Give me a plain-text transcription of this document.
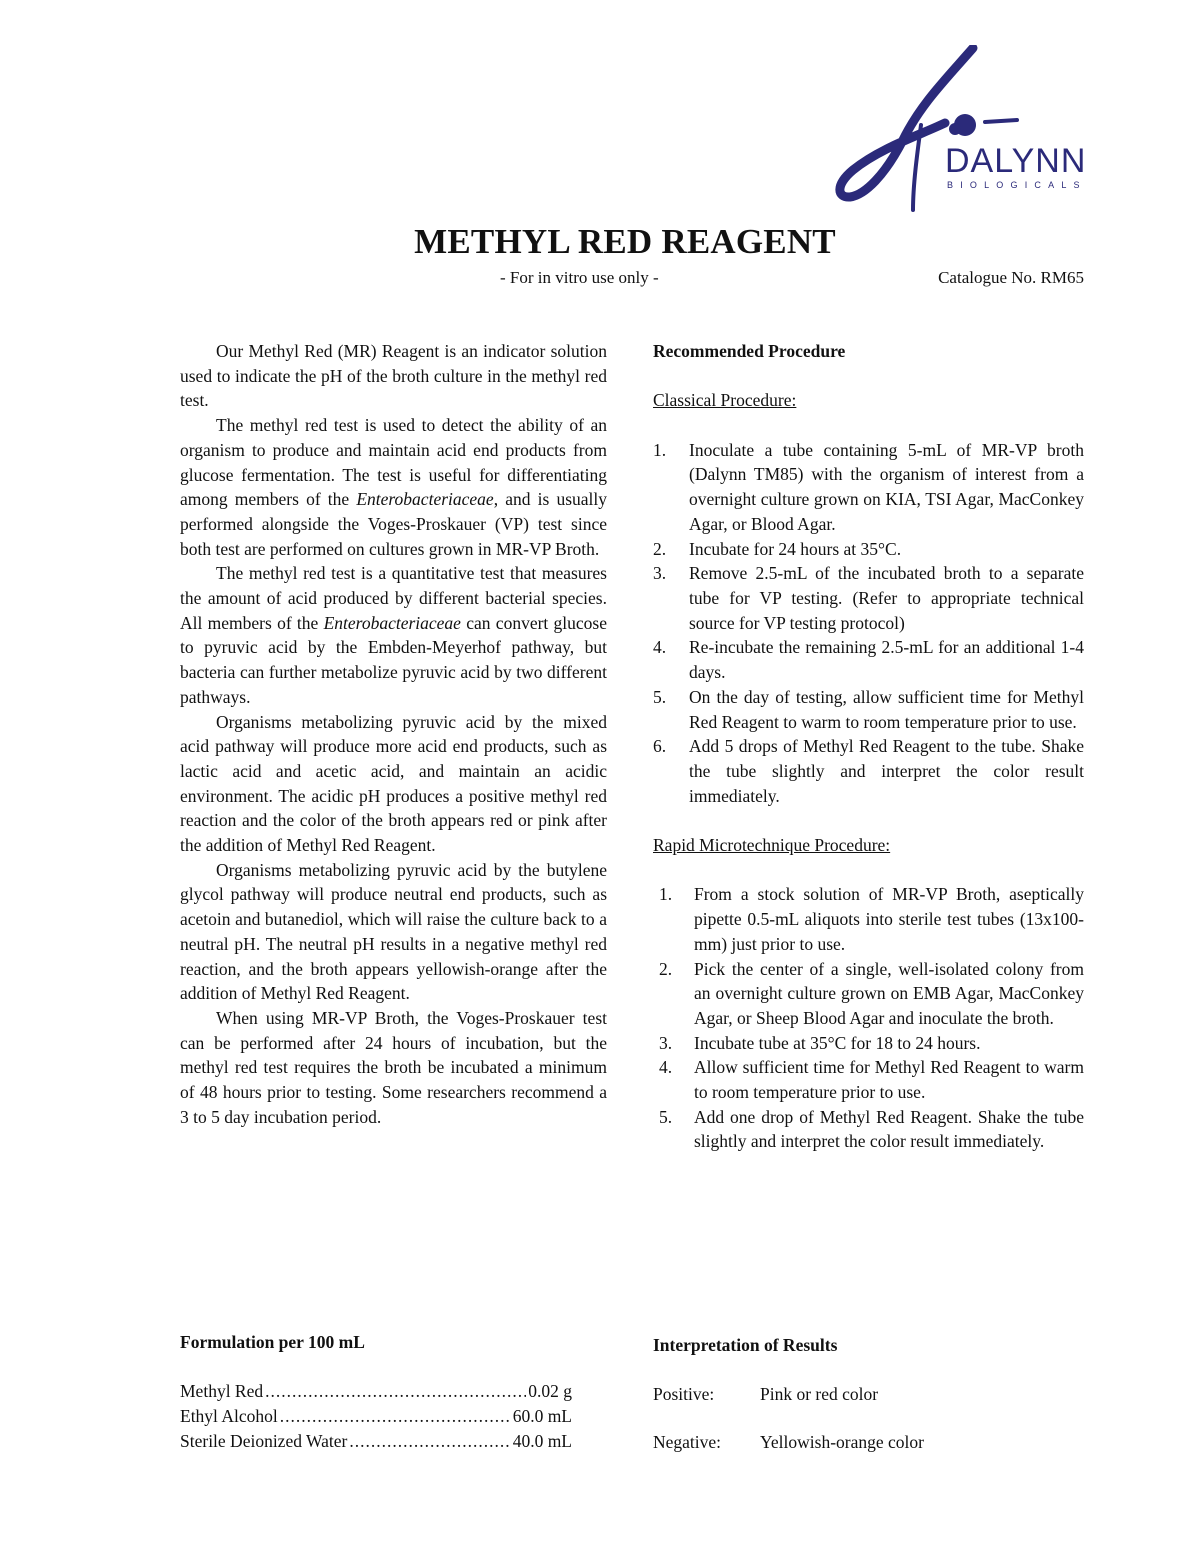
DALYNN
BIOLOGICALS
METHYL RED REAGENT
- For in vitro use only -	Catalogue No. RM65

Our Methyl Red (MR) Reagent is an indicator solution used to indicate the pH of the broth culture in the methyl red test.

The methyl red test is used to detect the ability of an organism to produce and maintain acid end products from glucose fermentation. The test is useful for differentiating among members of the Enterobacteriaceae, and is usually performed alongside the Voges-Proskauer (VP) test since both test are performed on cultures grown in MR-VP Broth.

The methyl red test is a quantitative test that measures the amount of acid produced by different bacterial species. All members of the Enterobacteriaceae can convert glucose to pyruvic acid by the Embden-Meyerhof pathway, but bacteria can further metabolize pyruvic acid by two different pathways.

Organisms metabolizing pyruvic acid by the mixed acid pathway will produce more acid end products, such as lactic acid and acetic acid, and maintain an acidic environment. The acidic pH produces a positive methyl red reaction and the color of the broth appears red or pink after the addition of Methyl Red Reagent.

Organisms metabolizing pyruvic acid by the butylene glycol pathway will produce neutral end products, such as acetoin and butanediol, which will raise the culture back to a neutral pH. The neutral pH results in a negative methyl red reaction, and the broth appears yellowish-orange after the addition of Methyl Red Reagent.

When using MR-VP Broth, the Voges-Proskauer test can be performed after 24 hours of incubation, but the methyl red test requires the broth be incubated a minimum of 48 hours prior to testing. Some researchers recommend a 3 to 5 day incubation period.

Recommended Procedure

Classical Procedure:

1. Inoculate a tube containing 5-mL of MR-VP broth (Dalynn TM85) with the organism of interest from a overnight culture grown on KIA, TSI Agar, MacConkey Agar, or Blood Agar.
2. Incubate for 24 hours at 35°C.
3. Remove 2.5-mL of the incubated broth to a separate tube for VP testing. (Refer to appropriate technical source for VP testing protocol)
4. Re-incubate the remaining 2.5-mL for an additional 1-4 days.
5. On the day of testing, allow sufficient time for Methyl Red Reagent to warm to room temperature prior to use.
6. Add 5 drops of Methyl Red Reagent to the tube. Shake the tube slightly and interpret the color result immediately.

Rapid Microtechnique Procedure:

1. From a stock solution of MR-VP Broth, aseptically pipette 0.5-mL aliquots into sterile test tubes (13x100-mm) just prior to use.
2. Pick the center of a single, well-isolated colony from an overnight culture grown on EMB Agar, MacConkey Agar, or Sheep Blood Agar and inoculate the broth.
3. Incubate tube at 35°C for 18 to 24 hours.
4. Allow sufficient time for Methyl Red Reagent to warm to room temperature prior to use.
5. Add one drop of Methyl Red Reagent. Shake the tube slightly and interpret the color result immediately.

Formulation per 100 mL

Methyl Red .....	0.02 g
Ethyl Alcohol .....	60.0 mL
Sterile Deionized Water .....	40.0 mL

Interpretation of Results

Positive:	Pink or red color
Negative:	Yellowish-orange color
